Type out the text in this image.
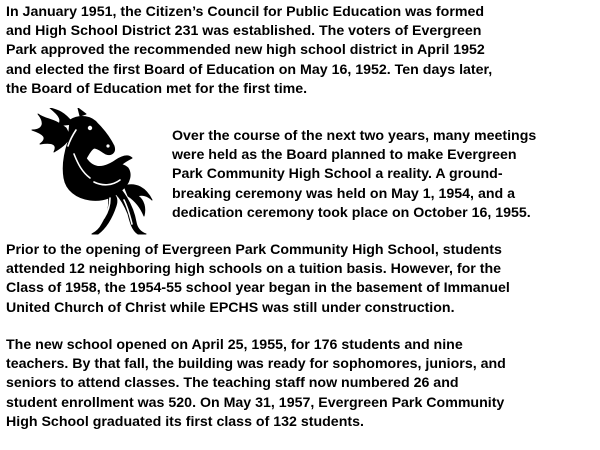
In January 1951, the Citizen’s Council for Public Education was formed
and High School District 231 was established. The voters of Evergreen
Park approved the recommended new high school district in April 1952
and elected the first Board of Education on May 16, 1952. Ten days later,
the Board of Education met for the first time.

Over the course of the next two years, many meetings
were held as the Board planned to make Evergreen
Park Community High School a reality. A ground-
breaking ceremony was held on May 1, 1954, and a
dedication ceremony took place on October 16, 1955.

Prior to the opening of Evergreen Park Community High School, students
attended 12 neighboring high schools on a tuition basis. However, for the
Class of 1958, the 1954-55 school year began in the basement of Immanuel
United Church of Christ while EPCHS was still under construction.

The new school opened on April 25, 1955, for 176 students and nine
teachers. By that fall, the building was ready for sophomores, juniors, and
seniors to attend classes. The teaching staff now numbered 26 and
student enrollment was 520. On May 31, 1957, Evergreen Park Community
High School graduated its first class of 132 students.
